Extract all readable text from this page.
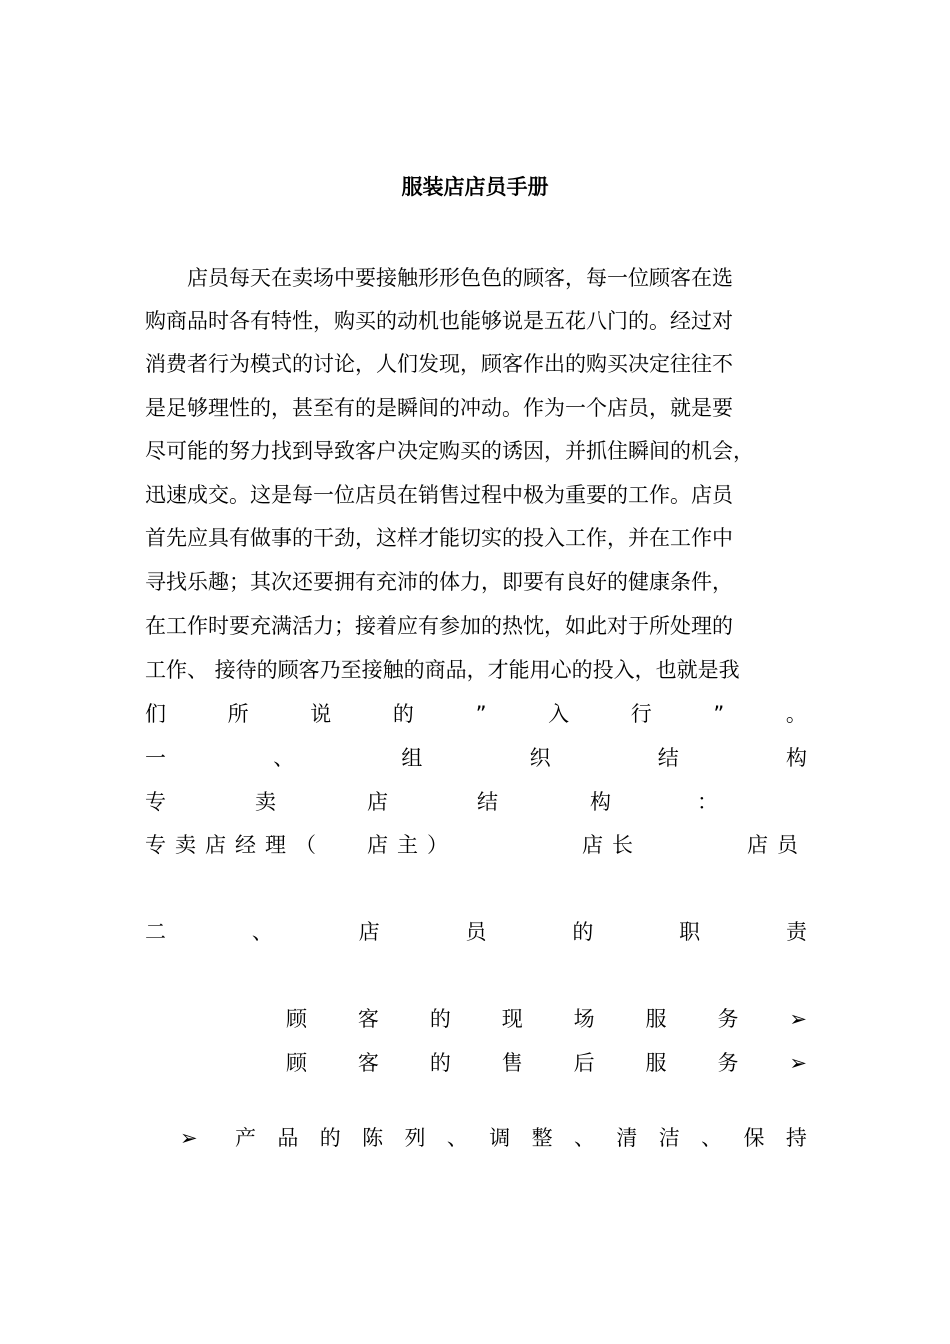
服装店店员手册
店员每天在卖场中要接触形形色色的顾客，每一位顾客在选
购商品时各有特性，购买的动机也能够说是五花八门的。经过对
消费者行为模式的讨论，人们发现，顾客作出的购买决定往往不
是足够理性的，甚至有的是瞬间的冲动。作为一个店员，就是要
尽可能的努力找到导致客户决定购买的诱因，并抓住瞬间的机会，
迅速成交。这是每一位店员在销售过程中极为重要的工作。店员
首先应具有做事的干劲，这样才能切实的投入工作，并在工作中
寻找乐趣；其次还要拥有充沛的体力，即要有良好的健康条件，
在工作时要充满活力；接着应有参加的热忱，如此对于所处理的
工作、 接待的顾客乃至接触的商品，才能用心的投入，也就是我
们	所	说	的	”	入	行	”	。
一	、	组	织	结	构
专	卖	店	结	构	：
专卖店经理（ 店主）	店长	店员
二	、	店	员	的	职	责
顾 客 的 现 场 服 务 ➢
顾 客 的 售 后 服 务 ➢
➢ 产 品 的 陈 列 、 调 整 、 清 洁 、 保 持
